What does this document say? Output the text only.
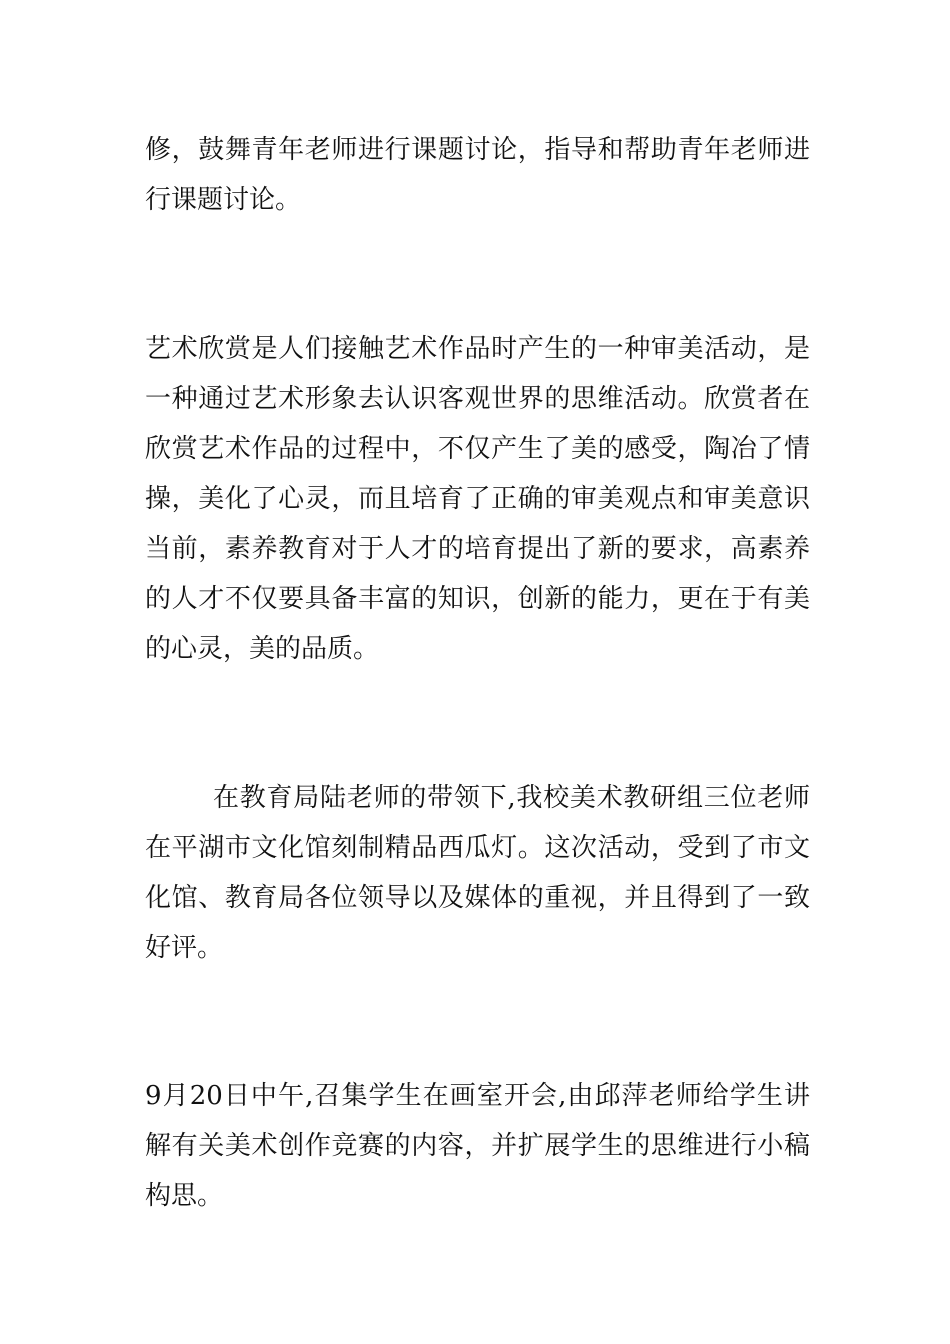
修，鼓舞青年老师进行课题讨论，指导和帮助青年老师进
行课题讨论。
艺术欣赏是人们接触艺术作品时产生的一种审美活动，是
一种通过艺术形象去认识客观世界的思维活动。欣赏者在
欣赏艺术作品的过程中，不仅产生了美的感受，陶冶了情
操，美化了心灵，而且培育了正确的审美观点和审美意识
当前，素养教育对于人才的培育提出了新的要求，高素养
的人才不仅要具备丰富的知识，创新的能力，更在于有美
的心灵，美的品质。
在教育局陆老师的带领下,我校美术教研组三位老师
在平湖市文化馆刻制精品西瓜灯。这次活动，受到了市文
化馆、教育局各位领导以及媒体的重视，并且得到了一致
好评。
9月20日中午,召集学生在画室开会,由邱萍老师给学生讲
解有关美术创作竞赛的内容，并扩展学生的思维进行小稿
构思。
